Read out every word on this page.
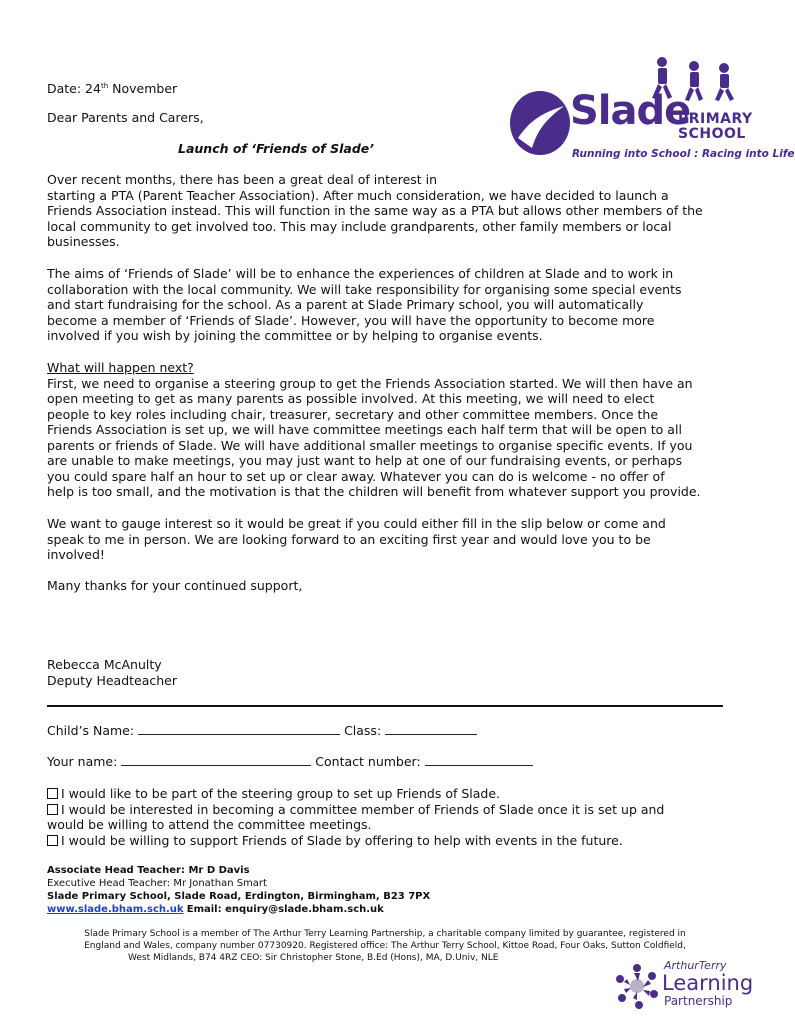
Slade
PRIMARY
SCHOOL
Running into School : Racing into Life
Date: 24th November
Dear Parents and Carers,
Launch of ‘Friends of Slade’

Over recent months, there has been a great deal of interest in

starting a PTA (Parent Teacher Association). After much consideration, we have decided to launch a

Friends Association instead. This will function in the same way as a PTA but allows other members of the

local community to get involved too. This may include grandparents, other family members or local

businesses.

The aims of ‘Friends of Slade’ will be to enhance the experiences of children at Slade and to work in

collaboration with the local community. We will take responsibility for organising some special events

and start fundraising for the school. As a parent at Slade Primary school, you will automatically

become a member of ‘Friends of Slade’. However, you will have the opportunity to become more

involved if you wish by joining the committee or by helping to organise events.

What will happen next?

First, we need to organise a steering group to get the Friends Association started. We will then have an

open meeting to get as many parents as possible involved. At this meeting, we will need to elect

people to key roles including chair, treasurer, secretary and other committee members. Once the

Friends Association is set up, we will have committee meetings each half term that will be open to all

parents or friends of Slade. We will have additional smaller meetings to organise specific events. If you

are unable to make meetings, you may just want to help at one of our fundraising events, or perhaps

you could spare half an hour to set up or clear away. Whatever you can do is welcome - no offer of

help is too small, and the motivation is that the children will benefit from whatever support you provide.

We want to gauge interest so it would be great if you could either fill in the slip below or come and

speak to me in person. We are looking forward to an exciting first year and would love you to be

involved!

Many thanks for your continued support,
Rebecca McAnulty
Deputy Headteacher
Child’s Name:	Class:
Your name:	Contact number:

I would like to be part of the steering group to set up Friends of Slade.

I would be interested in becoming a committee member of Friends of Slade once it is set up and

would be willing to attend the committee meetings.

I would be willing to support Friends of Slade by offering to help with events in the future.

Associate Head Teacher: Mr D Davis

Executive Head Teacher: Mr Jonathan Smart

Slade Primary School, Slade Road, Erdington, Birmingham, B23 7PX

www.slade.bham.sch.uk Email: enquiry@slade.bham.sch.uk

Slade Primary School is a member of The Arthur Terry Learning Partnership, a charitable company limited by guarantee, registered in

England and Wales, company number 07730920. Registered office: The Arthur Terry School, Kittoe Road, Four Oaks, Sutton Coldfield,

West Midlands, B74 4RZ CEO: Sir Christopher Stone, B.Ed (Hons), MA, D.Univ, NLE

ArthurTerry
Learning
Partnership
